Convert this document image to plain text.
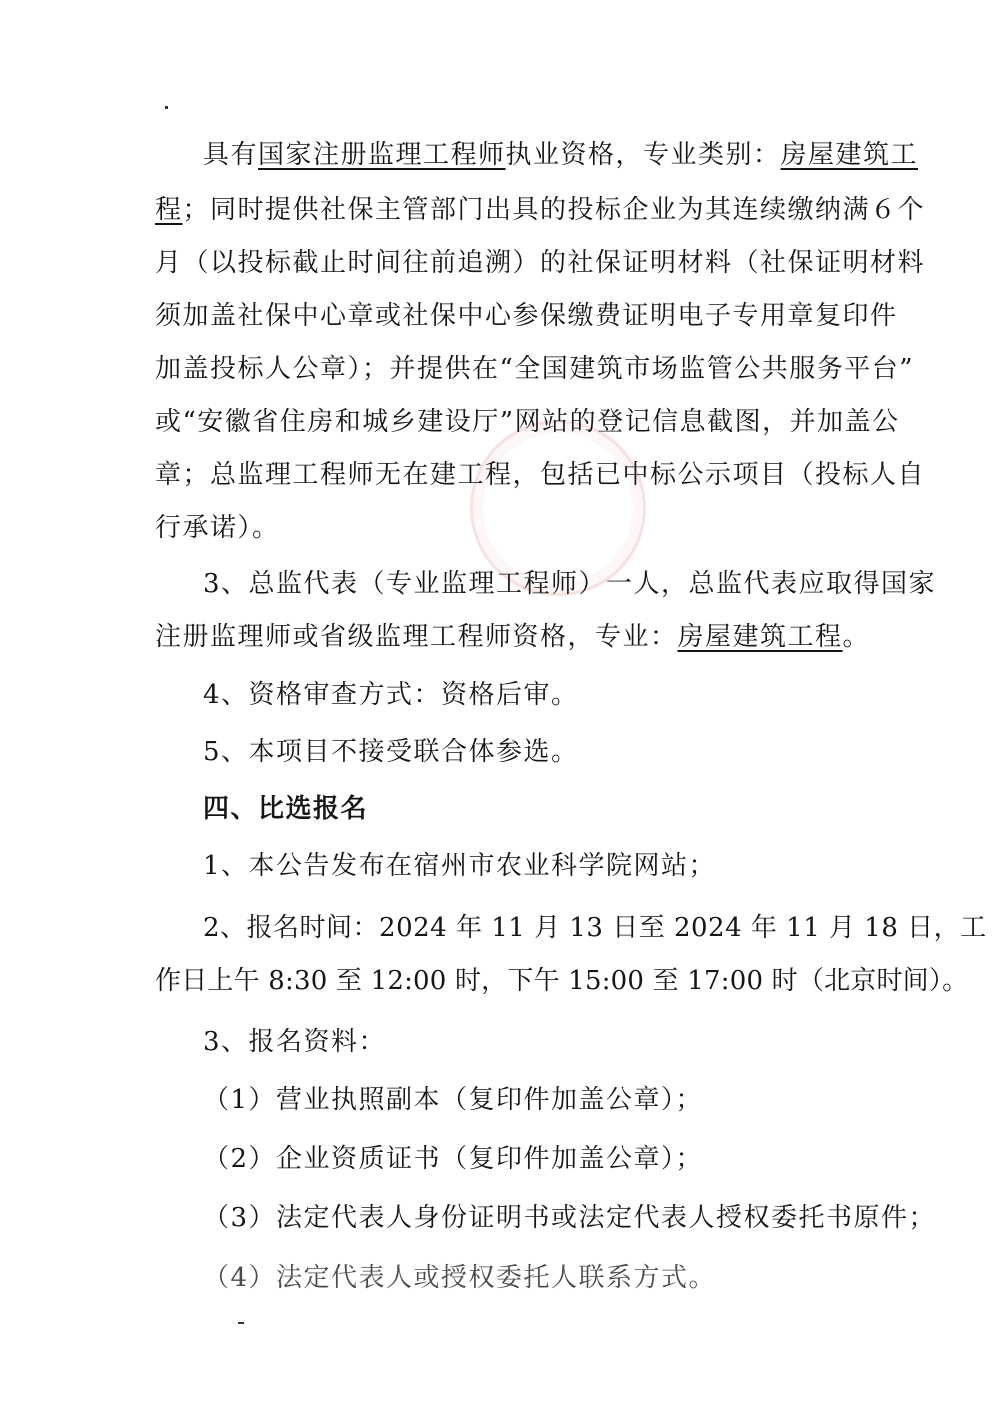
具有国家注册监理工程师执业资格，专业类别：房屋建筑工
程；同时提供社保主管部门出具的投标企业为其连续缴纳满６个
月（以投标截止时间往前追溯）的社保证明材料（社保证明材料
须加盖社保中心章或社保中心参保缴费证明电子专用章复印件
加盖投标人公章）；并提供在“全国建筑市场监管公共服务平台”
或“安徽省住房和城乡建设厅”网站的登记信息截图，并加盖公
章；总监理工程师无在建工程，包括已中标公示项目（投标人自
行承诺）。
3、总监代表（专业监理工程师）一人，总监代表应取得国家
注册监理师或省级监理工程师资格，专业：房屋建筑工程。
4、资格审查方式：资格后审。
5、本项目不接受联合体参选。
四、比选报名
1、本公告发布在宿州市农业科学院网站；
2、报名时间：2024 年 11 月 13 日至 2024 年 11 月 18 日，工
作日上午 8:30 至 12:00 时，下午 15:00 至 17:00 时（北京时间）。
3、报名资料：
（1）营业执照副本（复印件加盖公章）；
（2）企业资质证书（复印件加盖公章）；
（3）法定代表人身份证明书或法定代表人授权委托书原件；
（4）法定代表人或授权委托人联系方式。
